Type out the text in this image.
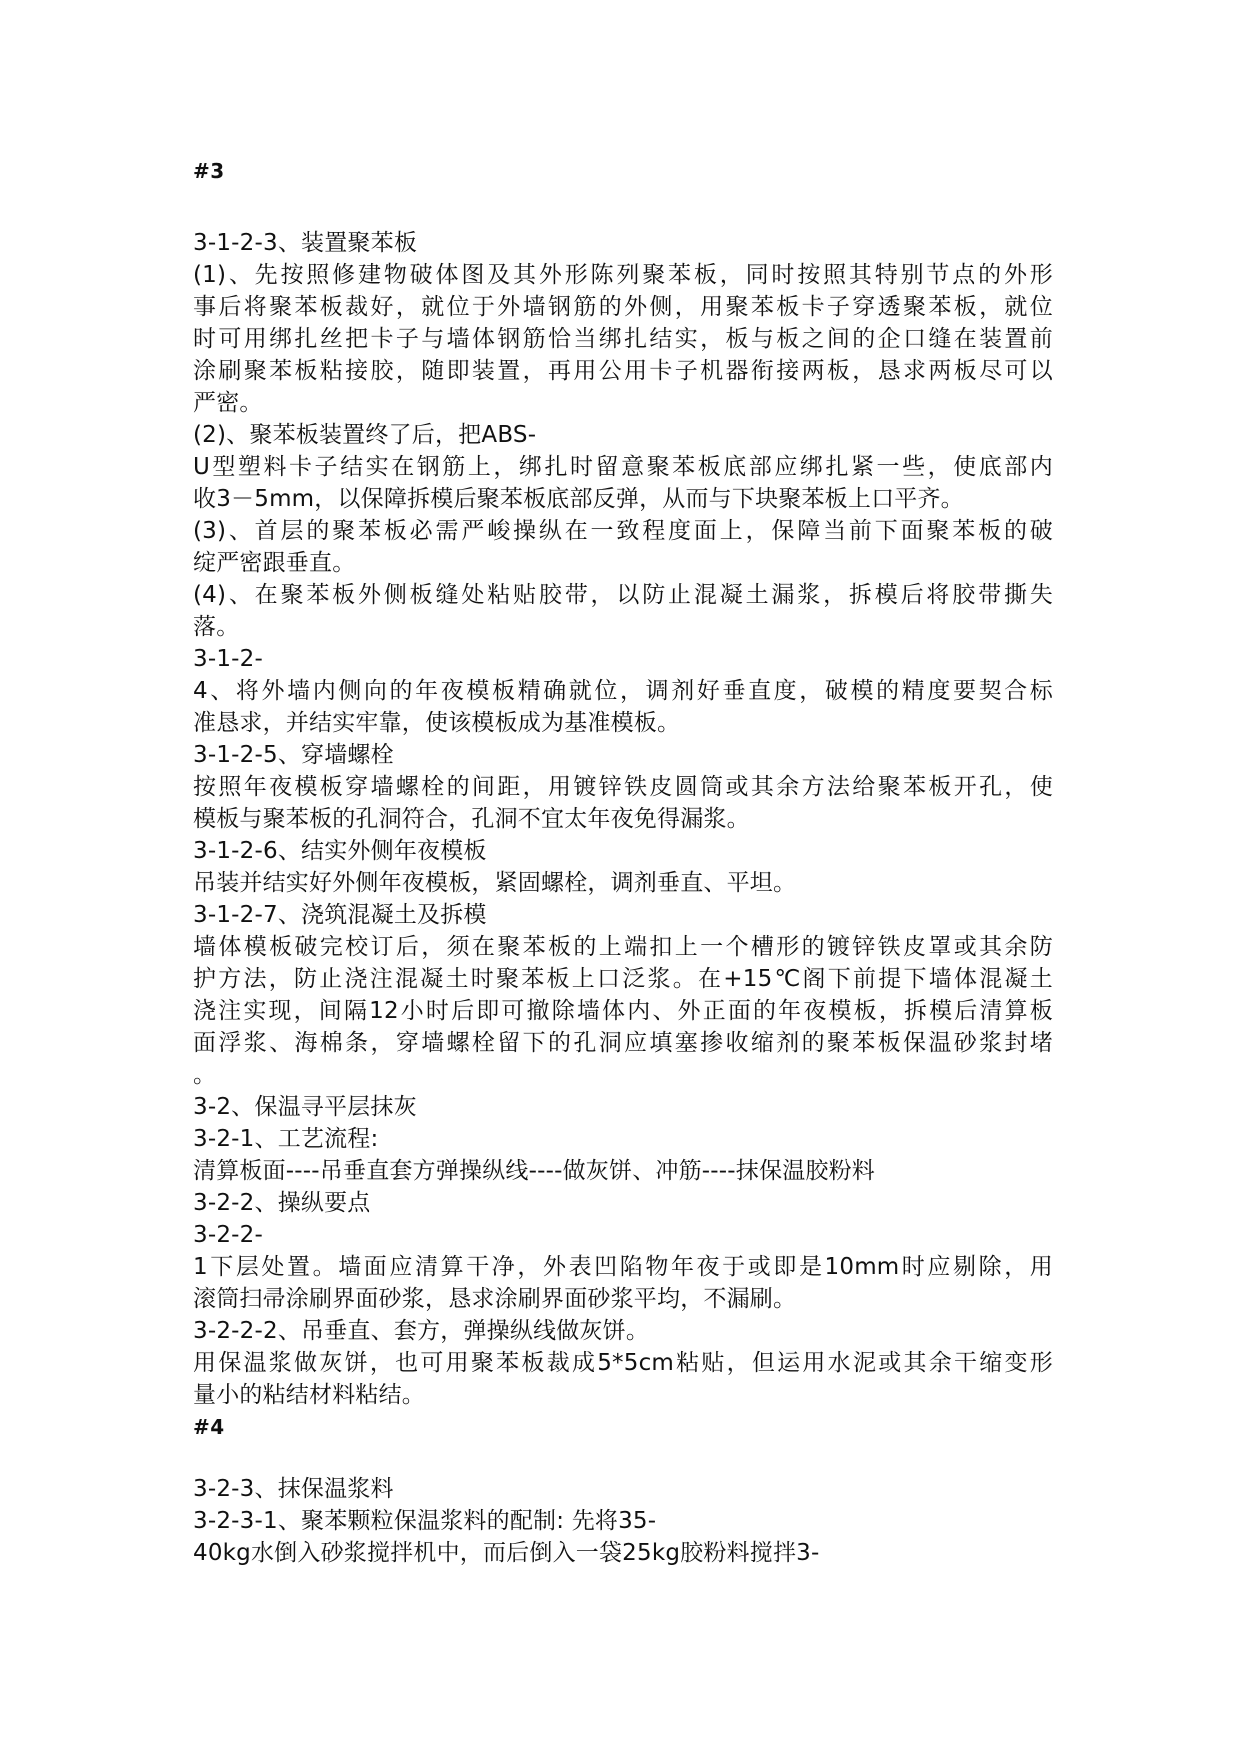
#3
3-1-2-3、装置聚苯板
(1)、先按照修建物破体图及其外形陈列聚苯板，同时按照其特别节点的外形
事后将聚苯板裁好，就位于外墙钢筋的外侧，用聚苯板卡子穿透聚苯板，就位
时可用绑扎丝把卡子与墙体钢筋恰当绑扎结实，板与板之间的企口缝在装置前
涂刷聚苯板粘接胶，随即装置，再用公用卡子机器衔接两板，恳求两板尽可以
严密。
(2)、聚苯板装置终了后，把ABS-
U型塑料卡子结实在钢筋上，绑扎时留意聚苯板底部应绑扎紧一些，使底部内
收3－5mm，以保障拆模后聚苯板底部反弹，从而与下块聚苯板上口平齐。
(3)、首层的聚苯板必需严峻操纵在一致程度面上，保障当前下面聚苯板的破
绽严密跟垂直。
(4)、在聚苯板外侧板缝处粘贴胶带，以防止混凝土漏浆，拆模后将胶带撕失
落。
3-1-2-
4、将外墙内侧向的年夜模板精确就位，调剂好垂直度，破模的精度要契合标
准恳求，并结实牢靠，使该模板成为基准模板。
3-1-2-5、穿墙螺栓
按照年夜模板穿墙螺栓的间距，用镀锌铁皮圆筒或其余方法给聚苯板开孔，使
模板与聚苯板的孔洞符合，孔洞不宜太年夜免得漏浆。
3-1-2-6、结实外侧年夜模板
吊装并结实好外侧年夜模板，紧固螺栓，调剂垂直、平坦。
3-1-2-7、浇筑混凝土及拆模
墙体模板破完校订后，须在聚苯板的上端扣上一个槽形的镀锌铁皮罩或其余防
护方法，防止浇注混凝土时聚苯板上口泛浆。在+15℃阁下前提下墙体混凝土
浇注实现，间隔12小时后即可撤除墙体内、外正面的年夜模板，拆模后清算板
面浮浆、海棉条，穿墙螺栓留下的孔洞应填塞掺收缩剂的聚苯板保温砂浆封堵
。
3-2、保温寻平层抹灰
3-2-1、工艺流程:
清算板面----吊垂直套方弹操纵线----做灰饼、冲筋----抹保温胶粉料
3-2-2、操纵要点
3-2-2-
1下层处置。墙面应清算干净，外表凹陷物年夜于或即是10mm时应剔除，用
滚筒扫帚涂刷界面砂浆，恳求涂刷界面砂浆平均，不漏刷。
3-2-2-2、吊垂直、套方，弹操纵线做灰饼。
用保温浆做灰饼，也可用聚苯板裁成5*5cm粘贴，但运用水泥或其余干缩变形
量小的粘结材料粘结。
#4
3-2-3、抹保温浆料
3-2-3-1、聚苯颗粒保温浆料的配制: 先将35-
40kg水倒入砂浆搅拌机中，而后倒入一袋25kg胶粉料搅拌3-
